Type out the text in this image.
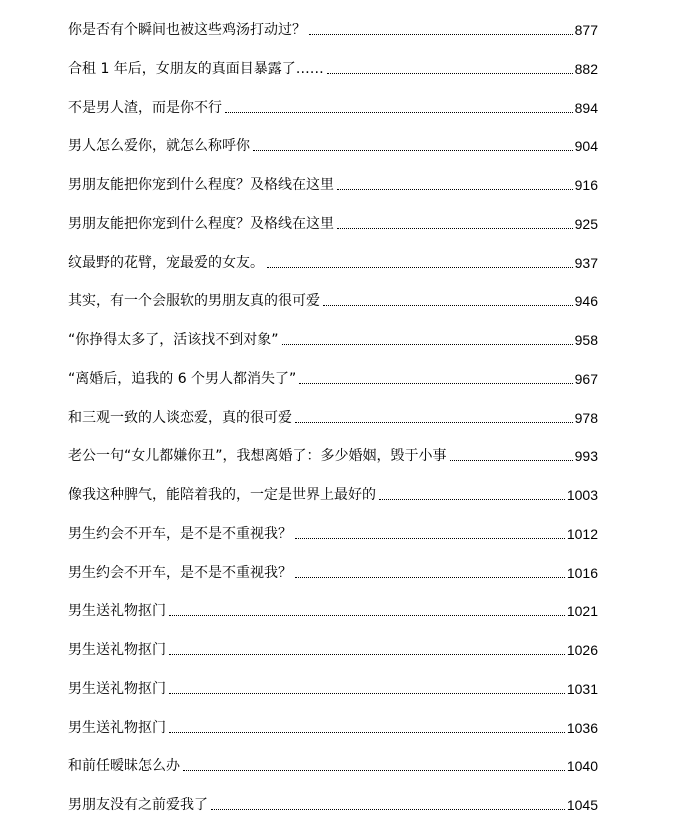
你是否有个瞬间也被这些鸡汤打动过？	877
合租 1 年后，女朋友的真面目暴露了……	882
不是男人渣，而是你不行	894
男人怎么爱你，就怎么称呼你	904
男朋友能把你宠到什么程度？及格线在这里	916
男朋友能把你宠到什么程度？及格线在这里	925
纹最野的花臂，宠最爱的女友。	937
其实，有一个会服软的男朋友真的很可爱	946
“你挣得太多了，活该找不到对象”	958
“离婚后，追我的 6 个男人都消失了”	967
和三观一致的人谈恋爱，真的很可爱	978
老公一句“女儿都嫌你丑”，我想离婚了：多少婚姻，毁于小事	993
像我这种脾气，能陪着我的，一定是世界上最好的	1003
男生约会不开车，是不是不重视我？	1012
男生约会不开车，是不是不重视我？	1016
男生送礼物抠门	1021
男生送礼物抠门	1026
男生送礼物抠门	1031
男生送礼物抠门	1036
和前任暧昧怎么办	1040
男朋友没有之前爱我了	1045
